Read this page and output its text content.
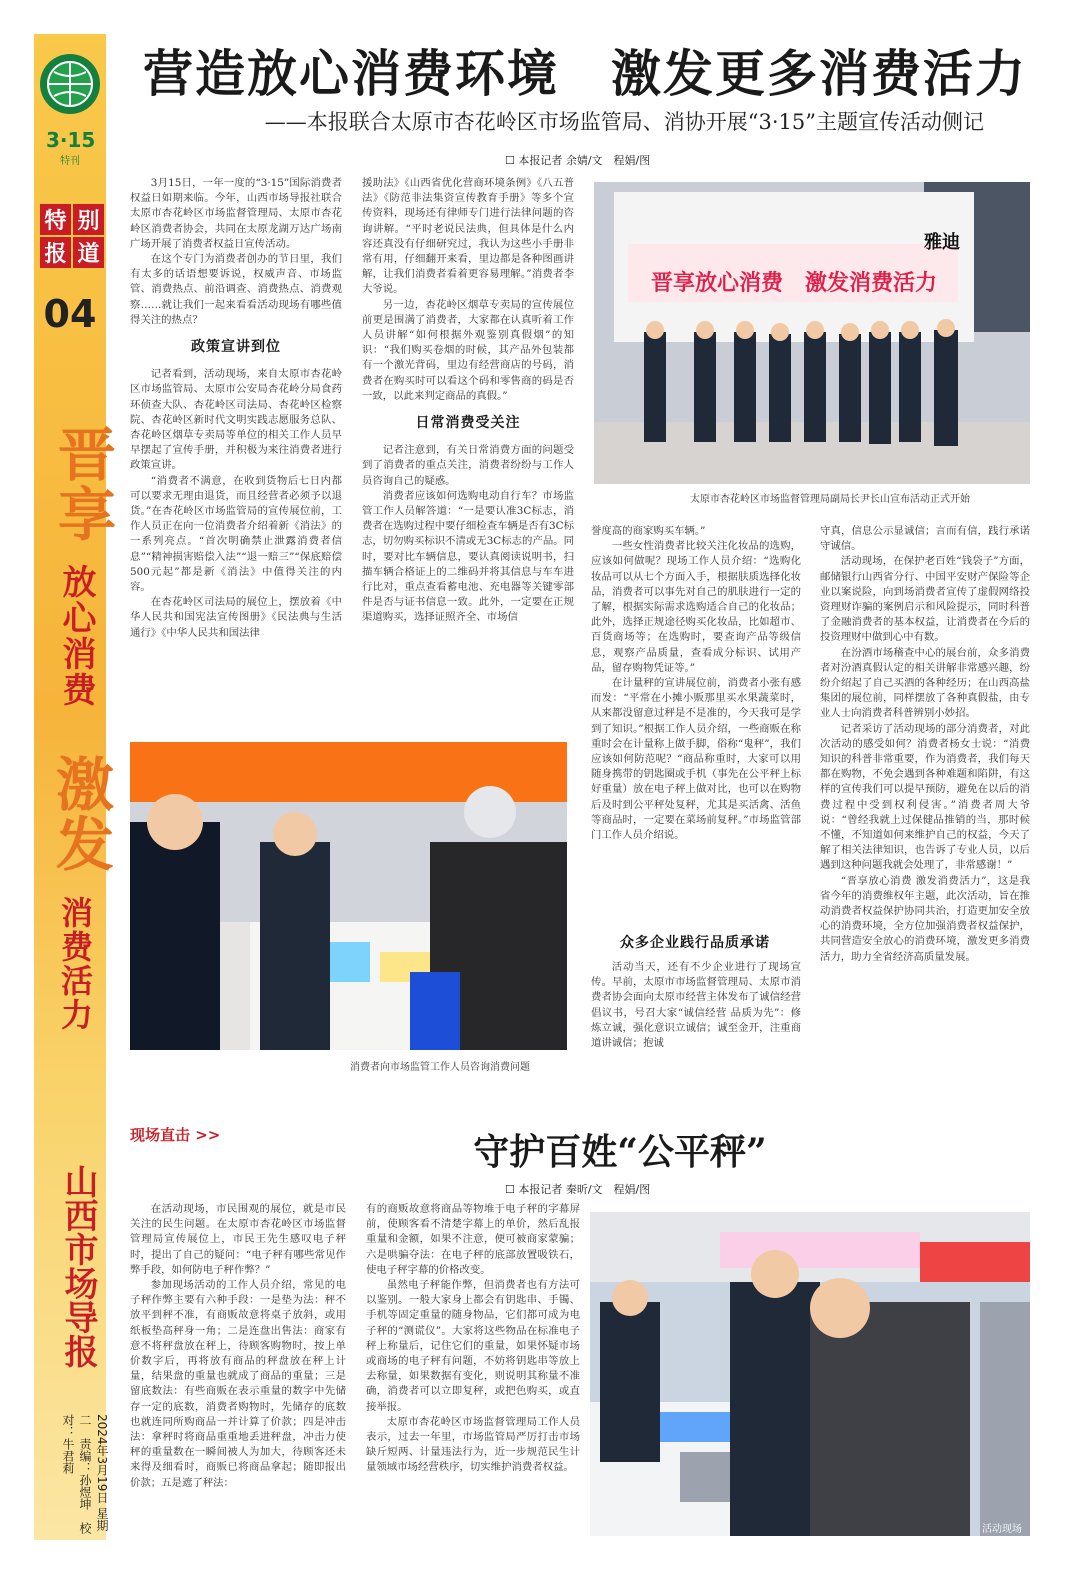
3·15
特刊
特 别
报 道
04
晋享
放心消费
激发
消费活力
山西市场导报
2024年3月19日 星期二　责编：孙煜坤　校对：牛君莉
营造放心消费环境　激发更多消费活力
——本报联合太原市杏花岭区市场监管局、消协开展“3·15”主题宣传活动侧记
☐ 本报记者 余婧/文　程娟/图

3月15日，一年一度的“3·15”国际消费者权益日如期来临。今年，山西市场导报社联合太原市杏花岭区市场监督管理局、太原市杏花岭区消费者协会，共同在太原龙湖万达广场南广场开展了消费者权益日宣传活动。

在这个专门为消费者创办的节日里，我们有太多的话语想要诉说，权威声音、市场监管、消费热点、前沿调查、消费热点、消费观察……就让我们一起来看看活动现场有哪些值得关注的热点？

政策宣讲到位

记者看到，活动现场，来自太原市杏花岭区市场监管局、太原市公安局杏花岭分局食药环侦查大队、杏花岭区司法局、杏花岭区检察院、杏花岭区新时代文明实践志愿服务总队、杏花岭区烟草专卖局等单位的相关工作人员早早摆起了宣传手册，并积极为来往消费者进行政策宣讲。

“消费者不满意，在收到货物后七日内都可以要求无理由退货，而且经营者必须予以退货。”在杏花岭区市场监管局的宣传展位前，工作人员正在向一位消费者介绍着新《消法》的一系列亮点。“首次明确禁止泄露消费者信息”“精神损害赔偿入法”“退一赔三”“保底赔偿500元起”都是新《消法》中值得关注的内容。

在杏花岭区司法局的展位上，摆放着《中华人民共和国宪法宣传图册》《民法典与生活通行》《中华人民共和国法律

援助法》《山西省优化营商环境条例》《八五普法》《防范非法集资宣传教育手册》等多个宣传资料，现场还有律师专门进行法律问题的咨询讲解。“平时老说民法典，但具体是什么内容还真没有仔细研究过，我认为这些小手册非常有用，仔细翻开来看，里边都是各种图画讲解，让我们消费者看着更容易理解。”消费者李大爷说。

另一边，杏花岭区烟草专卖局的宣传展位前更是围满了消费者，大家都在认真听着工作人员讲解“如何根据外观鉴别真假烟”的知识：“我们购买卷烟的时候，其产品外包装都有一个激光背码，里边有经营商店的号码，消费者在购买时可以看这个码和零售商的码是否一致，以此来判定商品的真假。”

日常消费受关注

记者注意到，有关日常消费方面的问题受到了消费者的重点关注，消费者纷纷与工作人员咨询自己的疑惑。

消费者应该如何选购电动自行车？市场监管工作人员解答道：“一是要认准3C标志，消费者在选购过程中要仔细检查车辆是否有3C标志，切勿购买标识不清或无3C标志的产品。同时，要对比车辆信息，要认真阅读说明书，扫描车辆合格证上的二维码并将其信息与车车进行比对，重点查看蓄电池、充电器等关键零部件是否与证书信息一致。此外，一定要在正规渠道购买，选择证照齐全、市场信

誉度高的商家购买车辆。”

一些女性消费者比较关注化妆品的选购，应该如何做呢？现场工作人员介绍：“选购化妆品可以从七个方面入手，根据肤质选择化妆品，消费者可以事先对自己的肌肤进行一定的了解，根据实际需求选购适合自己的化妆品；此外，选择正规途径购买化妆品，比如超市、百货商场等；在选购时，要查询产品等级信息，观察产品质量，查看成分标识、试用产品，留存购物凭证等。”

在计量秤的宣讲展位前，消费者小张有感而发：“平常在小摊小贩那里买水果蔬菜时，从来都没留意过秤是不是准的，今天我可是学到了知识。”根据工作人员介绍，一些商贩在称重时会在计量称上做手脚，俗称“鬼秤”，我们应该如何防范呢？“商品称重时，大家可以用随身携带的钥匙圈或手机（事先在公平秤上标好重量）放在电子秤上做对比，也可以在购物后及时到公平秤处复秤，尤其是买活禽、活鱼等商品时，一定要在菜场前复秤。”市场监管部门工作人员介绍说。

众多企业践行品质承诺

活动当天，还有不少企业进行了现场宣传。早前，太原市市场监督管理局、太原市消费者协会面向太原市经营主体发布了诚信经营倡议书，号召大家“诚信经营 品质为先”：修炼立诚，强化意识立诚信；诚至金开，注重商道讲诚信；抱诚

守真，信息公示显诚信；言而有信，践行承诺守诚信。

活动现场，在保护老百姓“钱袋子”方面，邮储银行山西省分行、中国平安财产保险等企业以案说险，向到场消费者宣传了虚假网络投资理财诈骗的案例启示和风险提示，同时科普了金融消费者的基本权益，让消费者在今后的投资理财中做到心中有数。

在汾酒市场稽查中心的展台前，众多消费者对汾酒真假认定的相关讲解非常感兴趣，纷纷介绍起了自己买酒的各种经历；在山西高盐集团的展位前，同样摆放了各种真假盐，由专业人士向消费者科普辨别小妙招。

记者采访了活动现场的部分消费者，对此次活动的感受如何？消费者杨女士说：“消费知识的科普非常重要，作为消费者，我们每天都在购物，不免会遇到各种难题和陷阱，有这样的宣传我们可以提早预防，避免在以后的消费过程中受到权利侵害。”消费者周大爷说：“曾经我就上过保健品推销的当，那时候不懂，不知道如何来维护自己的权益，今天了解了相关法律知识，也告诉了专业人员，以后遇到这种问题我就会处理了，非常感谢！”

“晋享放心消费 激发消费活力”，这是我省今年的消费维权年主题，此次活动，旨在推动消费者权益保护协同共治，打造更加安全放心的消费环境，全方位加强消费者权益保护，共同营造安全放心的消费环境，激发更多消费活力，助力全省经济高质量发展。

晋享放心消费　激发消费活力
雅迪
太原市杏花岭区市场监督管理局副局长尹长山宣布活动正式开始
消费者向市场监管工作人员咨询消费问题
现场直击 >>	守护百姓“公平秤”
☐ 本报记者 秦昕/文　程娟/图

在活动现场，市民围观的展位，就是市民关注的民生问题。在太原市杏花岭区市场监督管理局宣传展位上，市民王先生感叹电子秤时，提出了自己的疑问：“电子秤有哪些常见作弊手段，如何防电子秤作弊？”

参加现场活动的工作人员介绍，常见的电子秤作弊主要有六种手段：一是垫为法：秤不放平到秤不准，有商贩故意将桌子放斜，或用纸板垫高秤身一角；二是连盘出售法：商家有意不将秤盘放在秤上，待顾客购物时，按上单价数字后，再将放有商品的秤盘放在秤上计量，结果盘的重量也就成了商品的重量；三是留底数法：有些商贩在表示重量的数字中先储存一定的底数，消费者购物时，先储存的底数也就连同所购商品一并计算了价款；四是冲击法：拿秤时将商品重重地丢进秤盘，冲击力使秤的重量数在一瞬间被人为加大，待顾客还未来得及细看时，商贩已将商品拿起；随即报出价款；五是遮了秤法：

有的商贩故意将商品等物堆于电子秤的字幕屏前，使顾客看不清楚字幕上的单价，然后乱报重量和金额，如果不注意，便可被商家蒙骗；六是哄骗夺法：在电子秤的底部放置吸铁石，使电子秤字幕的价格改变。

虽然电子秤能作弊，但消费者也有方法可以鉴别。一般大家身上都会有钥匙串、手镯、手机等固定重量的随身物品，它们都可成为电子秤的“测谎仪”。大家将这些物品在标准电子秤上称量后，记住它们的重量，如果怀疑市场或商场的电子秤有问题，不妨将钥匙串等放上去称量，如果数据有变化，则说明其称量不准确，消费者可以立即复秤，或把色购买，或直接举报。

太原市杏花岭区市场监督管理局工作人员表示，过去一年里，市场监管局严厉打击市场缺斤短两、计量违法行为，近一步规范民生计量领域市场经营秩序，切实维护消费者权益。

活动现场
